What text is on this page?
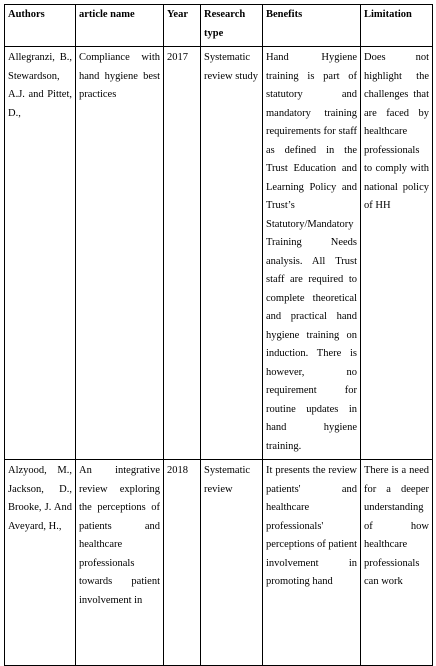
Authors	article name	Year	Research type	Benefits	Limitation
Allegranzi, B., Stewardson, A.J. and Pittet, D.,	Compliance with hand hygiene best practices	2017	Systematic review study	Hand Hygiene training is part of statutory and mandatory training requirements for staff as defined in the Trust Education and Learning Policy and Trust’s Statutory/Mandatory Training Needs analysis. All Trust staff are required to complete theoretical and practical hand hygiene training on induction. There is however, no requirement for routine updates in hand hygiene training.	Does not highlight the challenges that are faced by healthcare professionals to comply with national policy of HH
Alzyood, M., Jackson, D., Brooke, J. And Aveyard, H.,	An integrative review exploring the perceptions of patients and healthcare professionals towards patient involvement in	2018	Systematic review	It presents the review patients' and healthcare professionals' perceptions of patient involvement in promoting hand	There is a need for a deeper understanding of how healthcare professionals can work
